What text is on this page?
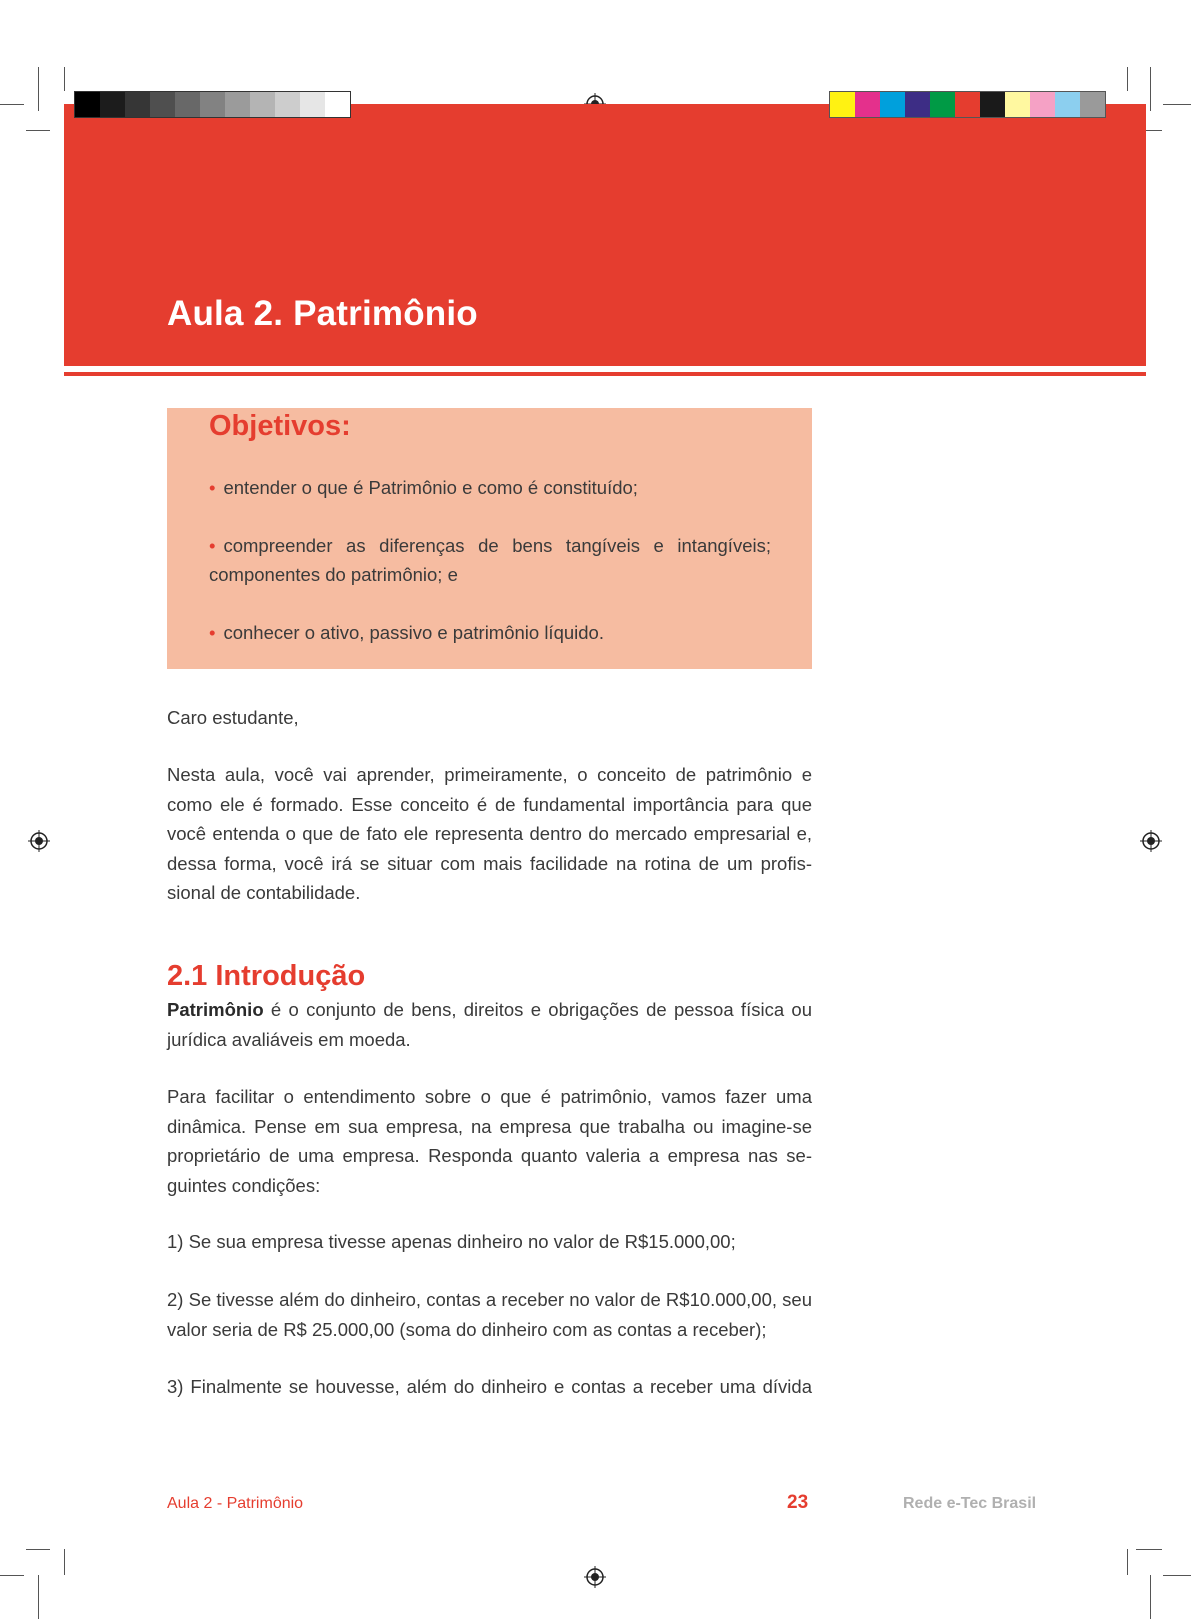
Aula 2. Patrimônio
Objetivos:
• entender o que é Patrimônio e como é constituído;
• compreender as diferenças de bens tangíveis e intangíveis; componentes do patrimônio; e
• conhecer o ativo, passivo e patrimônio líquido.

Caro estudante,

Nesta aula, você vai aprender, primeiramente, o conceito de patrimônio e como ele é formado. Esse conceito é de fundamental importância para que você entenda o que de fato ele representa dentro do mercado empresarial e, dessa forma, você irá se situar com mais facilidade na rotina de um profis-sional de contabilidade.

2.1 Introdução

Patrimônio é o conjunto de bens, direitos e obrigações de pessoa física ou jurídica avaliáveis em moeda.

Para facilitar o entendimento sobre o que é patrimônio, vamos fazer uma dinâmica. Pense em sua empresa, na empresa que trabalha ou imagine-se proprietário de uma empresa. Responda quanto valeria a empresa nas se-guintes condições:

1) Se sua empresa tivesse apenas dinheiro no valor de R$15.000,00;

2) Se tivesse além do dinheiro, contas a receber no valor de R$10.000,00, seu valor seria de R$ 25.000,00 (soma do dinheiro com as contas a receber);

3) Finalmente se houvesse, além do dinheiro e contas a receber uma dívida

Aula 2 - Patrimônio	23	Rede e-Tec Brasil
